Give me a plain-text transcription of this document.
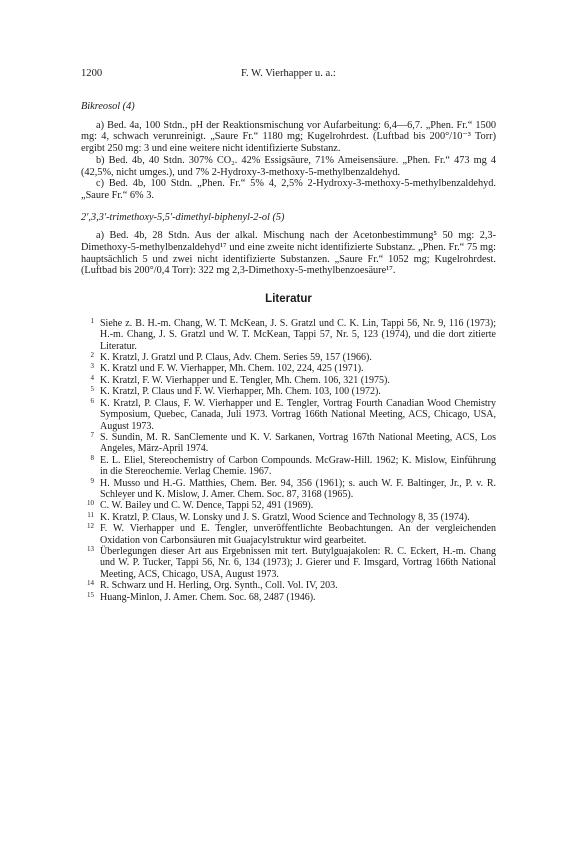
1200	F. W. Vierhapper u. a.:

Bikreosol (4)

a) Bed. 4a, 100 Stdn., pH der Reaktionsmischung vor Aufarbeitung: 6,4—6,7. „Phen. Fr.“ 1500 mg: 4, schwach verunreinigt. „Saure Fr.“ 1180 mg; Kugelrohrdest. (Luftbad bis 200°/10⁻³ Torr) ergibt 250 mg: 3 und eine weitere nicht identifizierte Substanz.

b) Bed. 4b, 40 Stdn. 307% CO₂. 42% Essigsäure, 71% Ameisensäure. „Phen. Fr.“ 473 mg 4 (42,5%, nicht umges.), und 7% 2-Hydroxy-3-methoxy-5-methylbenzaldehyd.

c) Bed. 4b, 100 Stdn. „Phen. Fr.“ 5% 4, 2,5% 2-Hydroxy-3-methoxy-5-methylbenzaldehyd. „Saure Fr.“ 6% 3.

2′,3,3′-trimethoxy-5,5′-dimethyl-biphenyl-2-ol (5)

a) Bed. 4b, 28 Stdn. Aus der alkal. Mischung nach der Acetonbestimmung⁵ 50 mg: 2,3-Dimethoxy-5-methylbenzaldehyd¹⁷ und eine zweite nicht identifizierte Substanz. „Phen. Fr.“ 75 mg: hauptsächlich 5 und zwei nicht identifizierte Substanzen. „Saure Fr.“ 1052 mg; Kugelrohrdest. (Luftbad bis 200°/0,4 Torr): 322 mg 2,3-Dimethoxy-5-methylbenzoesäure¹⁷.

Literatur
1 Siehe z. B. H.-m. Chang, W. T. McKean, J. S. Gratzl und C. K. Lin, Tappi 56, Nr. 9, 116 (1973); H.-m. Chang, J. S. Gratzl und W. T. McKean, Tappi 57, Nr. 5, 123 (1974), und die dort zitierte Literatur.
2 K. Kratzl, J. Gratzl und P. Claus, Adv. Chem. Series 59, 157 (1966).
3 K. Kratzl und F. W. Vierhapper, Mh. Chem. 102, 224, 425 (1971).
4 K. Kratzl, F. W. Vierhapper und E. Tengler, Mh. Chem. 106, 321 (1975).
5 K. Kratzl, P. Claus und F. W. Vierhapper, Mh. Chem. 103, 100 (1972).
6 K. Kratzl, P. Claus, F. W. Vierhapper und E. Tengler, Vortrag Fourth Canadian Wood Chemistry Symposium, Quebec, Canada, Juli 1973. Vortrag 166th National Meeting, ACS, Chicago, USA, August 1973.
7 S. Sundin, M. R. SanClemente und K. V. Sarkanen, Vortrag 167th National Meeting, ACS, Los Angeles, März-April 1974.
8 E. L. Eliel, Stereochemistry of Carbon Compounds. McGraw-Hill. 1962; K. Mislow, Einführung in die Stereochemie. Verlag Chemie. 1967.
9 H. Musso und H.-G. Matthies, Chem. Ber. 94, 356 (1961); s. auch W. F. Baltinger, Jr., P. v. R. Schleyer und K. Mislow, J. Amer. Chem. Soc. 87, 3168 (1965).
10 C. W. Bailey und C. W. Dence, Tappi 52, 491 (1969).
11 K. Kratzl, P. Claus, W. Lonsky und J. S. Gratzl, Wood Science and Technology 8, 35 (1974).
12 F. W. Vierhapper und E. Tengler, unveröffentlichte Beobachtungen. An der vergleichenden Oxidation von Carbonsäuren mit Guajacylstruktur wird gearbeitet.
13 Überlegungen dieser Art aus Ergebnissen mit tert. Butylguajakolen: R. C. Eckert, H.-m. Chang und W. P. Tucker, Tappi 56, Nr. 6, 134 (1973); J. Gierer und F. Imsgard, Vortrag 166th National Meeting, ACS, Chicago, USA, August 1973.
14 R. Schwarz und H. Herling, Org. Synth., Coll. Vol. IV, 203.
15 Huang-Minlon, J. Amer. Chem. Soc. 68, 2487 (1946).
